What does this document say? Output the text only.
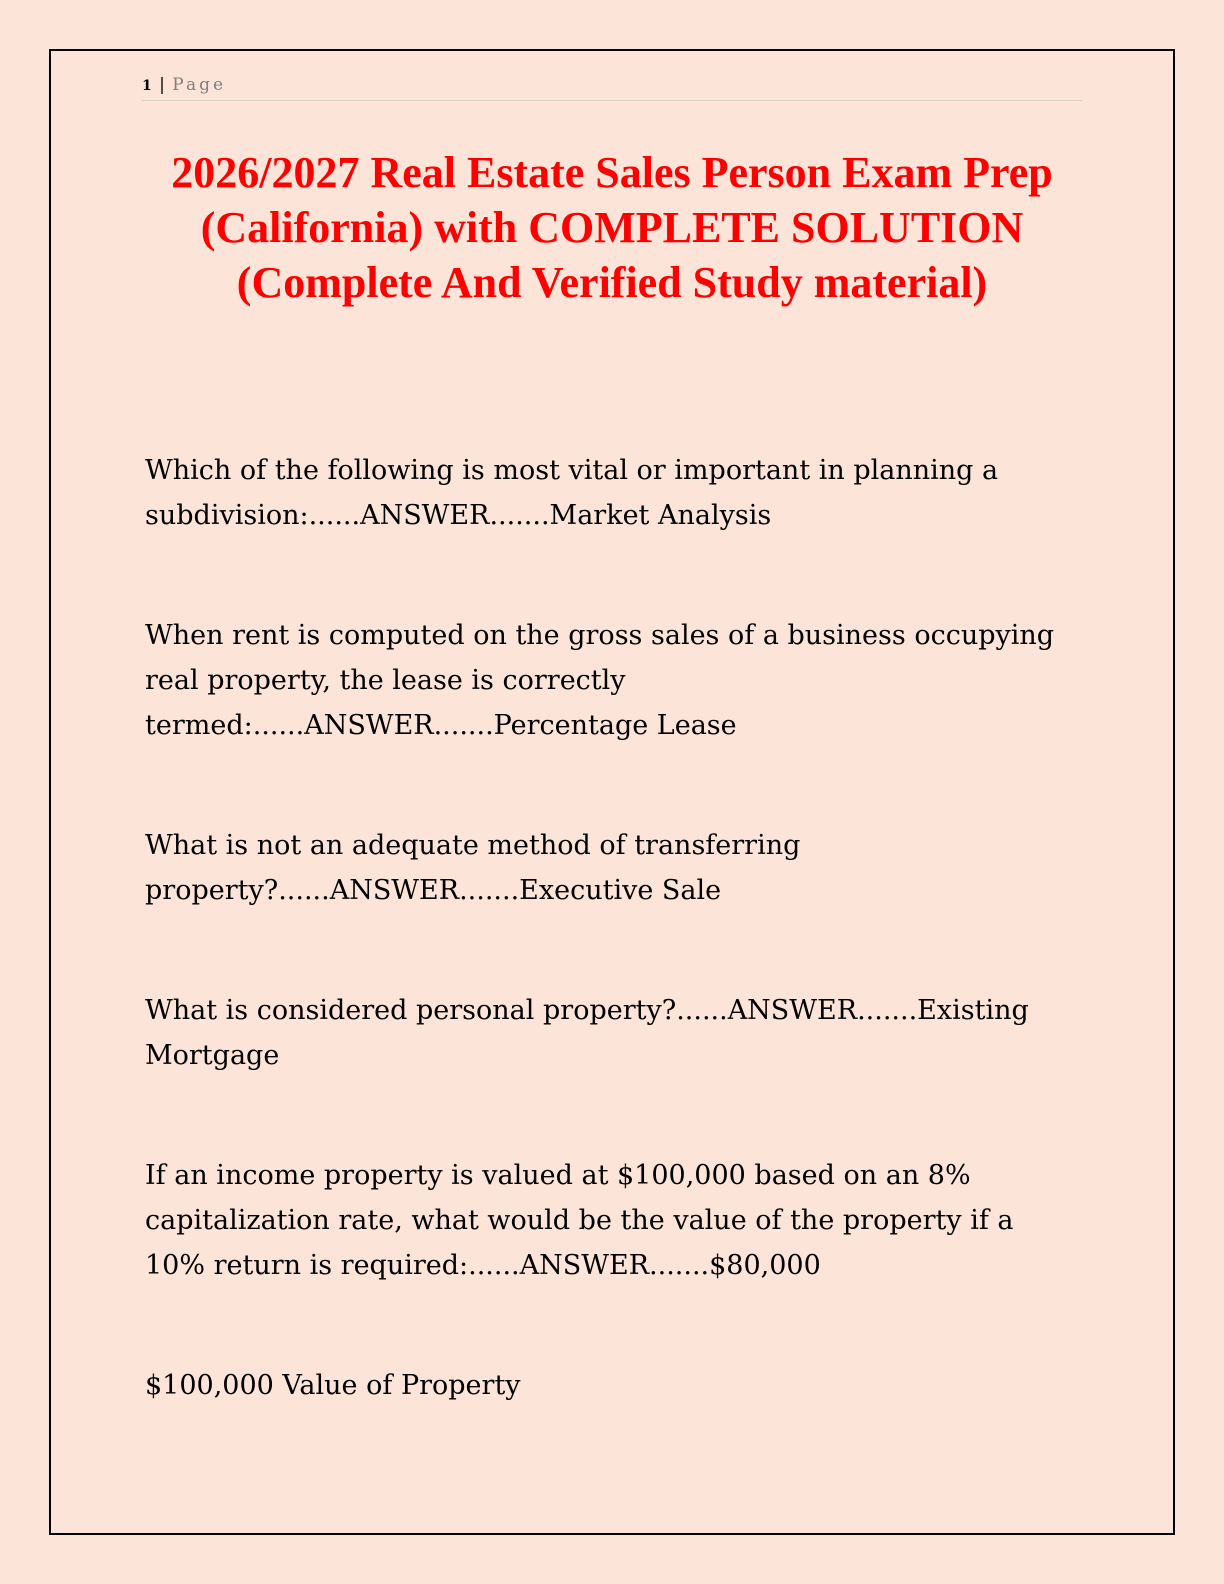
1 | Page
2026/2027 Real Estate Sales Person Exam Prep (California) with COMPLETE SOLUTION (Complete And Verified Study material)

Which of the following is most vital or important in planning a subdivision:......ANSWER.......Market Analysis

When rent is computed on the gross sales of a business occupying real property, the lease is correctly termed:......ANSWER.......Percentage Lease

What is not an adequate method of transferring property?......ANSWER.......Executive Sale

What is considered personal property?......ANSWER.......Existing Mortgage

If an income property is valued at $100,000 based on an 8% capitalization rate, what would be the value of the property if a 10% return is required:......ANSWER.......$80,000

$100,000 Value of Property
